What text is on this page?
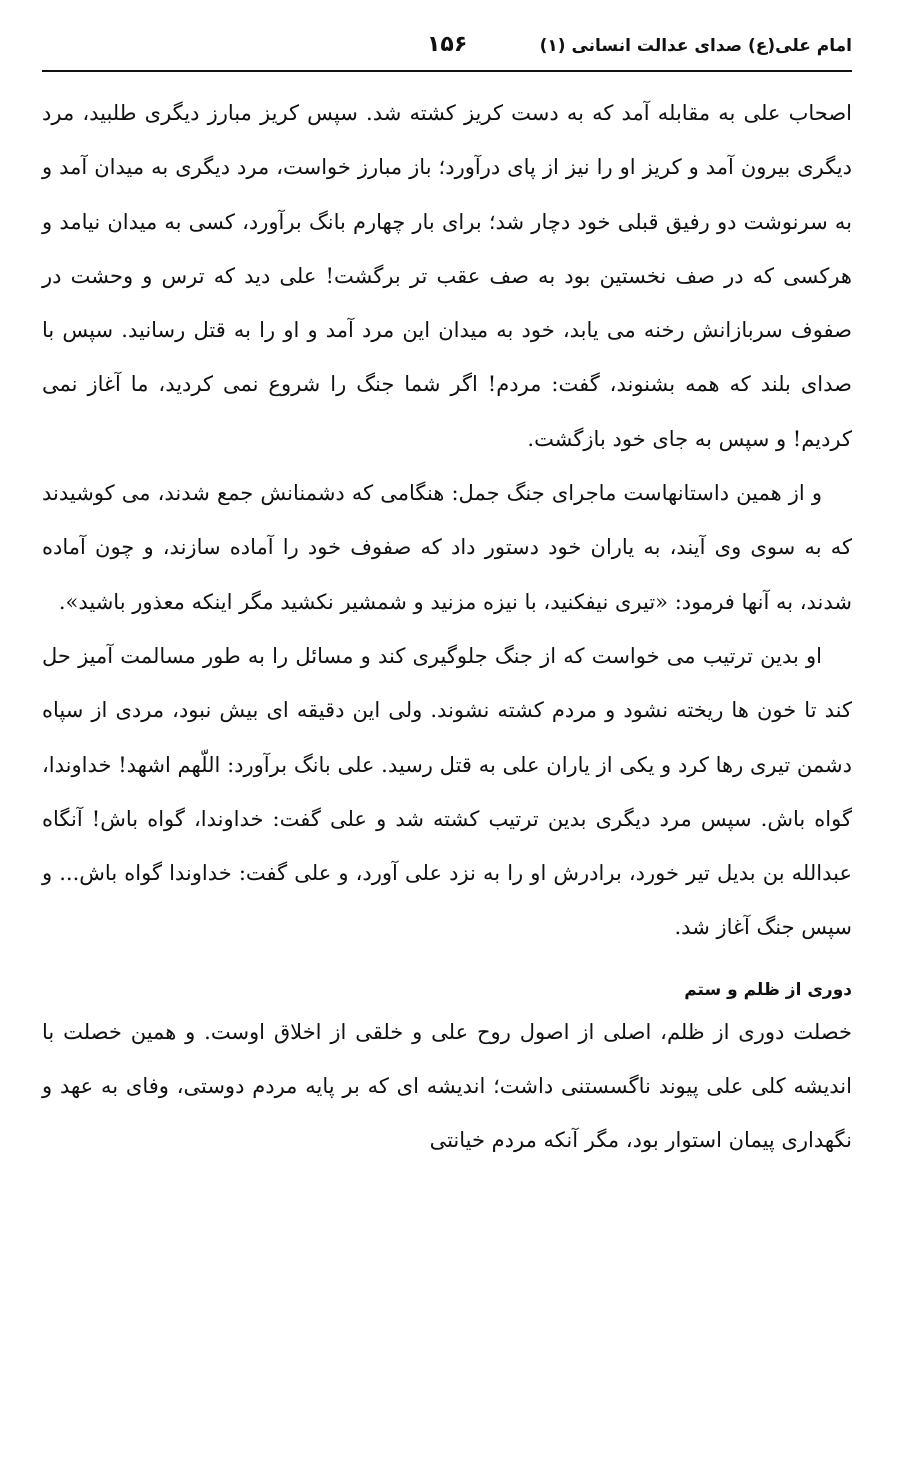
امام علی(ع) صدای عدالت انسانی (۱)
۱۵۶

اصحاب علی به مقابله آمد که به دست کریز کشته شد. سپس کریز مبارز دیگری طلبید، مرد دیگری بیرون آمد و کریز او را نیز از پای درآورد؛ باز مبارز خواست، مرد دیگری به میدان آمد و به سرنوشت دو رفیق قبلی خود دچار شد؛ برای بار چهارم بانگ برآورد، کسی به میدان نیامد و هرکسی که در صف نخستین بود به صف عقب تر برگشت! علی دید که ترس و وحشت در صفوف سربازانش رخنه می یابد، خود به میدان این مرد آمد و او را به قتل رسانید. سپس با صدای بلند که همه بشنوند، گفت: مردم! اگر شما جنگ را شروع نمی کردید، ما آغاز نمی کردیم! و سپس به جای خود بازگشت.

و از همین داستانهاست ماجرای جنگ جمل: هنگامی که دشمنانش جمع شدند، می کوشیدند که به سوی وی آیند، به یاران خود دستور داد که صفوف خود را آماده سازند، و چون آماده شدند، به آنها فرمود: «تیری نیفکنید، با نیزه مزنید و شمشیر نکشید مگر اینکه معذور باشید».

او بدین ترتیب می خواست که از جنگ جلوگیری کند و مسائل را به طور مسالمت آمیز حل کند تا خون ها ریخته نشود و مردم کشته نشوند. ولی این دقیقه ای بیش نبود، مردی از سپاه دشمن تیری رها کرد و یکی از یاران علی به قتل رسید. علی بانگ برآورد: اللّهم اشهد! خداوندا، گواه باش. سپس مرد دیگری بدین ترتیب کشته شد و علی گفت: خداوندا، گواه باش! آنگاه عبدالله بن بدیل تیر خورد، برادرش او را به نزد علی آورد، و علی گفت: خداوندا گواه باش... و سپس جنگ آغاز شد.

دوری از ظلم و ستم

خصلت دوری از ظلم، اصلی از اصول روح علی و خلقی از اخلاق اوست. و همین خصلت با اندیشه کلی علی پیوند ناگسستنی داشت؛ اندیشه ای که بر پایه مردم دوستی، وفای به عهد و نگهداری پیمان استوار بود، مگر آنکه مردم خیانتی
